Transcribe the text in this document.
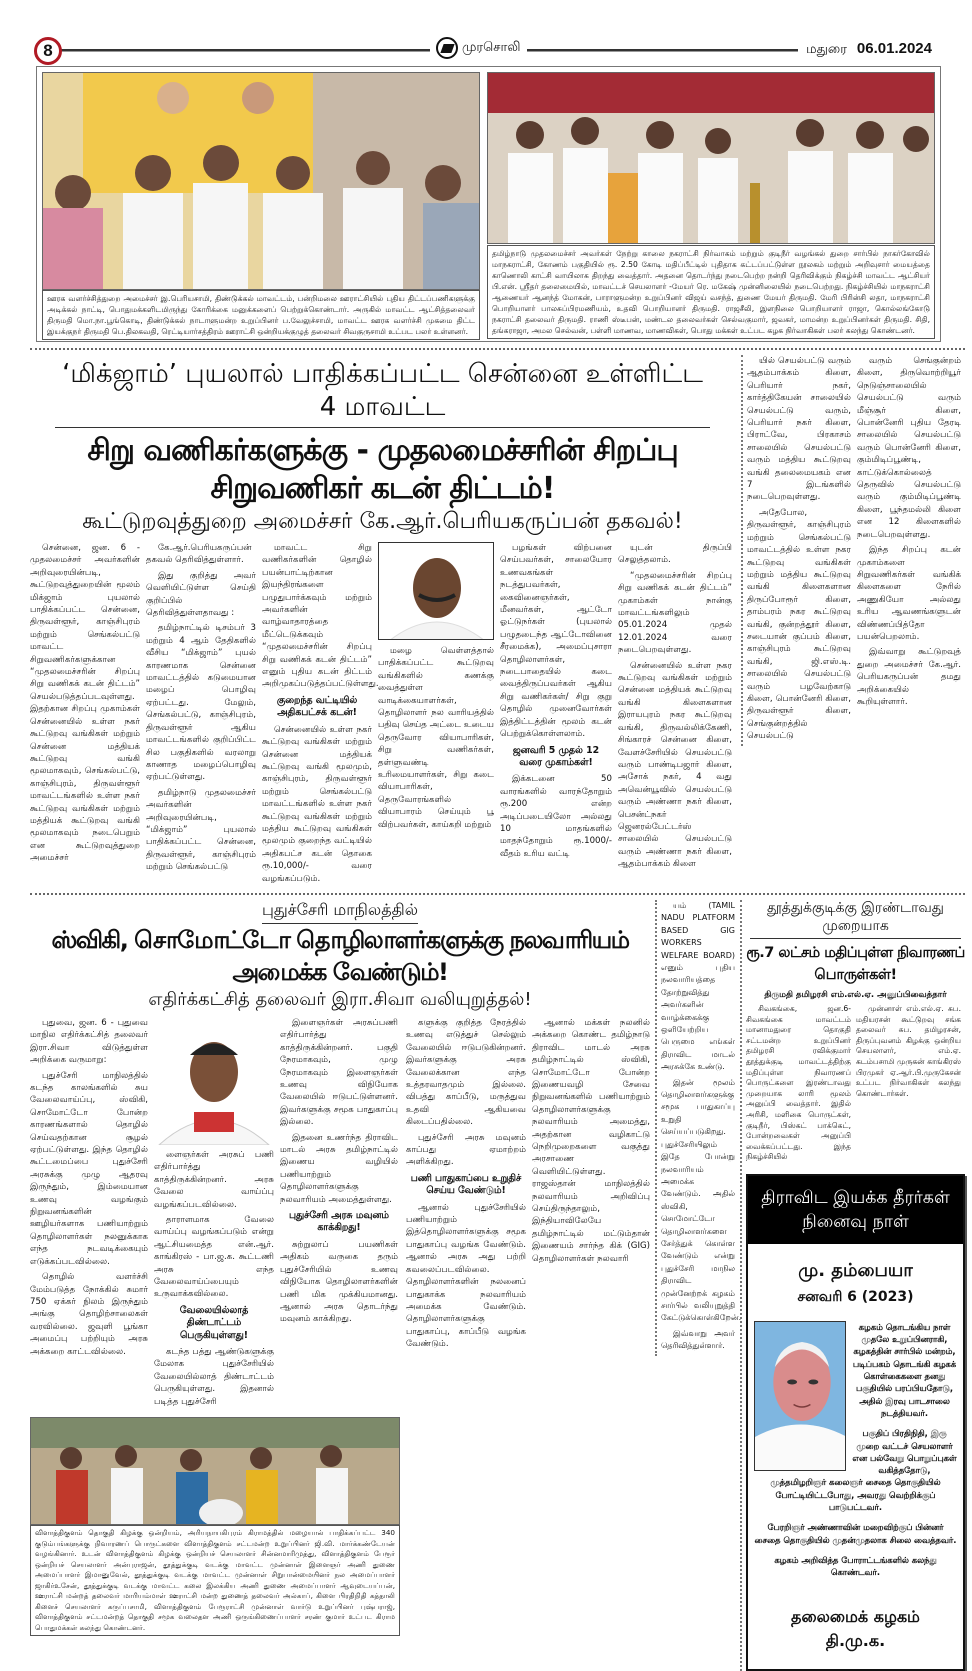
8	முரசொலி	மதுரை 06.01.2024
ஊரக வளர்ச்சித்துறை அமைச்சர் இ.பெரியசாமி, திண்டுக்கல் மாவட்டம், பன்றிமலை ஊராட்சியில் புதிய திட்டப்பணிகளுக்கு அடிக்கல் நாட்டி, பொதுமக்களிடமிருந்து கோரிக்கை மனுக்களைப் பெற்றுக்கொண்டார். அருகில் மாவட்ட ஆட்சித்தலைவர் திருமதி மொ.நா.பூங்கொடி, திண்டுக்கல் நாடாளுமன்ற உறுப்பினர் ப.வேலுச்சாமி, மாவட்ட ஊரக வளர்ச்சி முகமை திட்ட இயக்குநர் திருமதி பெ.திலகவதி, ரெட்டியார்சத்திரம் ஊராட்சி ஒன்றியக்குழுத் தலைவர் சிவகுருசாமி உட்பட பலர் உள்ளனர்.
தமிழ்நாடு முதலமைச்சர் அவர்கள் நேற்று காலை நகராட்சி நிர்வாகம் மற்றும் குடிநீர் வழங்கல் துறை சார்பில் நாகர்கோவில் மாநகராட்சி, கோணம் பகுதியில் ரூ. 2.50 கோடி மதிப்பீட்டில் புதிதாக கட்டப்பட்டுள்ள நூலகம் மற்றும் அறிவுசார் மையத்தை காணொலி காட்சி வாயிலாக திறந்து வைத்தார். அதனை தொடர்ந்து நடைபெற்ற நன்றி தெரிவிக்கும் நிகழ்ச்சி மாவட்ட ஆட்சியர் பி.என். ஸ்ரீதர் தலைமையில், மாவட்டச் செயலாளர் -மேயர் ரெ. மகேஷ் முன்னிலையில் நடைபெற்றது. நிகழ்ச்சியில் மாநகராட்சி ஆணையர் ஆனந்த் மோகன், பாராளுமன்ற உறுப்பினர் விஜய் வசந்த், துணை மேயர் திருமதி. மேரி பிரின்சி லதா, மாநகராட்சி பொறியாளர் பாலசுப்பிரமணியம், உதவி பொறியாளர் திருமதி. ராஜசீலி, இளநிலை பொறியாளர் ராஜா, கொல்லங்கோடு நகராட்சி தலைவர் திருமதி. ராணி ஸ்டீபன், மண்டல தலைவர்கள் செல்வகுமார், ஜவகர், மாமன்ற உறுப்பினர்கள் திருமதி. சிதி, தங்கராஜா, அமல செல்வன், பள்ளி மாணவ, மாணவிகள், பொது மக்கள் உட்பட கழக நிர்வாகிகள் பலர் கலந்து கொண்டனர்.
‘மிக்ஜாம்’ புயலால் பாதிக்கப்பட்ட சென்னை உள்ளிட்ட 4 மாவட்ட
சிறு வணிகர்களுக்கு - முதலமைச்சரின் சிறப்பு சிறுவணிகர் கடன் திட்டம்!
கூட்டுறவுத்துறை அமைச்சர் கே.ஆர்.பெரியகருப்பன் தகவல்!

சென்னை, ஜன. 6 - முதலமைச்சர் அவர்களின் அறிவுரையின்படி, கூட்டுறவுத்துறையின் மூலம் மிக்ஜாம் புயலால் பாதிக்கப்பட்ட சென்னை, திருவள்ளூர், காஞ்சிபுரம் மற்றும் செங்கல்பட்டு மாவட்ட சிறுவணிகர்களுக்கான “முதலமைச்சரின் சிறப்பு சிறு வணிகக் கடன் திட்டம்” செயல்படுத்தப்படவுள்ளது. இதற்கான சிறப்பு முகாம்கள் சென்னையில் உள்ள நகர் கூட்டுறவு வங்கிகள் மற்றும் சென்னை மத்தியக் கூட்டுறவு வங்கி மூலமாகவும், செங்கல்பட்டு, காஞ்சிபுரம், திருவள்ளூர் மாவட்டங்களில் உள்ள நகர் கூட்டுறவு வங்கிகள் மற்றும் மத்தியக் கூட்டுறவு வங்கி மூலமாகவும் நடைபெறும் என கூட்டுறவுத்துறை அமைச்சர்

கே.ஆர்.பெரியகருப்பன் தகவல் தெரிவித்துள்ளார்.

இது குறித்து அவர் வெளியிட்டுள்ள செய்தி குறிப்பில் தெரிவித்துள்ளதாவது :

தமிழ்நாட்டில் டிசம்பர் 3 மற்றும் 4 ஆம் தேதிகளில் வீசிய “மிக்ஜாம்” புயல் காரணமாக சென்னை மாவட்டத்தில் கடுமையான மழைப் பொழிவு ஏற்பட்டது. மேலும், செங்கல்பட்டு, காஞ்சிபுரம், திருவள்ளூர் ஆகிய மாவட்டங்களில் குறிப்பிட்ட சில பகுதிகளில் வரலாறு காணாத மழைப்பொழிவு ஏற்பட்டுள்ளது.

தமிழ்நாடு முதலமைச்சர் அவர்களின் அறிவுரையின்படி, “மிக்ஜாம்” புயலால் பாதிக்கப்பட்ட சென்னை, திருவள்ளூர், காஞ்சிபுரம் மற்றும் செங்கல்பட்டு

மாவட்ட சிறு வணிகர்களின் தொழில் பயன்பாட்டிற்கான இயந்திரங்களை பழுதுபார்க்கவும் மற்றும் அவர்களின் வாழ்வாதாரத்தை மீட்டெடுக்கவும் “முதலமைச்சரின் சிறப்பு சிறு வணிகக் கடன் திட்டம்” எனும் புதிய கடன் திட்டம் அறிமுகப்படுத்தப்பட்டுள்ளது.

குறைந்த வட்டியில் அதிகபட்சக் கடன்!

சென்னையில் உள்ள நகர் கூட்டுறவு வங்கிகள் மற்றும் சென்னை மத்தியக் கூட்டுறவு வங்கி மூலமும், காஞ்சிபுரம், திருவள்ளூர் மற்றும் செங்கல்பட்டு மாவட்டங்களில் உள்ள நகர் கூட்டுறவு வங்கிகள் மற்றும் மத்திய கூட்டுறவு வங்கிகள் மூலமும் குறைந்த வட்டியில் அதிகபட்ச கடன் தொகை ரூ.10,000/- வரை வழங்கப்படும்.

மழை வெள்ளத்தால் பாதிக்கப்பட்ட கூட்டுறவு வங்கிகளில் கணக்கு வைத்துள்ள வாடிக்கையாளர்கள், தொழிலாளர் நல வாரியத்தில் பதிவு செய்த அட்டை உடைய தெருவோர வியாபாரிகள், சிறு வணிகர்கள், தள்ளுவண்டி உரிமையாளர்கள், சிறு கடை வியாபாரிகள், தெருவோரங்களில் வியாபாரம் செய்யும் பூ விற்பவர்கள், காய்கறி மற்றும்

பழங்கள் விற்பனை செய்பவர்கள், சாலையோர உணவகங்கள் நடத்துபவர்கள், கைவினைஞர்கள், மீனவர்கள், ஆட்டோ ஓட்டுநர்கள் (புயலால் பழுதடைந்த ஆட்டோவினை சீரமைக்க), அமைப்புசாரா தொழிலாளர்கள், நடைபாதையில் கடை வைத்திருப்பவர்கள் ஆகிய சிறு வணிகர்கள்/ சிறு குறு தொழில் முனைவோர்கள் இத்திட்டத்தின் மூலம் கடன் பெற்றுக்கொள்ளலாம்.

ஜனவரி 5 முதல் 12 வரை முகாம்கள்!

இக்கடனை 50 வாரங்களில் வாரந்தோறும் ரூ.200 என்ற அடிப்படையிலோ அல்லது 10 மாதங்களில் மாதந்தோறும் ரூ.1000/- வீதம் உரிய வட்டி

யுடன் திருப்பி செலுத்தலாம்.

“முதலமைச்சரின் சிறப்பு சிறு வணிகக் கடன் திட்டம்” முகாம்கள் நான்கு மாவட்டங்களிலும் 05.01.2024 முதல் 12.01.2024 வரை நடைபெறவுள்ளது.

சென்னையில் உள்ள நகர கூட்டுறவு வங்கிகள் மற்றும் சென்னை மத்தியக் கூட்டுறவு வங்கி கிளைகளான இராயபுரம் நகர கூட்டுறவு வங்கி, திருவல்லிக்கேணி, சிங்காரச் சென்னை கிளை, வேளச்சேரியில் செயல்பட்டு வரும் பாண்டிபஜார் கிளை, அசோக் நகர், 4 வது அவென்யூவில் செயல்பட்டு வரும் அண்ணா நகர் கிளை, பெசன்ட்நகர் ஜெனரல்பேட்டர்ஸ் சாலையில் செயல்பட்டு வரும் அண்ணா நகர் கிளை, ஆதம்பாக்கம் கிளை

யில் செயல்பட்டு வரும் ஆதம்பாக்கம் கிளை, பெரியார் நகர், கார்த்திகேயன் சாலையில் செயல்பட்டு வரும், பெரியார் நகர் கிளை, பிராட்வே, பிரகாசம் சாலையில் செயல்பட்டு வரும் மத்திய கூட்டுறவு வங்கி தலைமையகம் என 7 இடங்களில் நடைபெறவுள்ளது.

அதேபோல, திருவள்ளூர், காஞ்சிபுரம் மற்றும் செங்கல்பட்டு மாவட்டத்தில் உள்ள நகர கூட்டுறவு வங்கிகள் மற்றும் மத்திய கூட்டுறவு வங்கி கிளைகளான திருப்போரூர் கிளை, தாம்பரம் நகர கூட்டுறவு வங்கி, குன்றத்தூர் கிளை, சடையான் குப்பம் கிளை, காஞ்சிபுரம் கூட்டுறவு வங்கி, ஜி.எஸ்.டி. சாலையில் செயல்பட்டு வரும் பழவேற்காடு கிளை, பொன்னேரி கிளை, திருவள்ளூர் கிளை, செங்குன்றத்தில் செயல்பட்டு

வரும் செங்குன்றம் கிளை, திருவொற்றியூர் நெடுஞ்சாலையில் செயல்பட்டு வரும் மீஞ்சூர் கிளை, பொன்னேரி புதிய தேரடி சாலையில் செயல்பட்டு வரும் பொன்னேரி கிளை, கும்மிடிப்பூண்டி, காட்டுக்கொல்லைத் தெருவில் செயல்பட்டு வரும் கும்மிடிப்பூண்டி கிளை, பூந்தமல்லி கிளை என 12 கிளைகளில் நடைபெறவுள்ளது.

இந்த சிறப்பு கடன் முகாம்களை சிறுவணிகர்கள் வங்கிக் கிளைகளை நேரில் அணுகியோ அல்லது உரிய ஆவணங்களுடன் விண்ணப்பித்தோ பயன்பெறலாம்.

இவ்வாறு கூட்டுறவுத் துறை அமைச்சர் கே.ஆர். பெரியகருப்பன் தமது அறிக்கையில் கூறியுள்ளார்.

புதுச்சேரி மாநிலத்தில்
ஸ்விகி, சொமோட்டோ தொழிலாளர்களுக்கு நலவாரியம் அமைக்க வேண்டும்!
எதிர்க்கட்சித் தலைவர் இரா.சிவா வலியுறுத்தல்!

புதுவை, ஜன. 6 - புதுவை மாநில எதிர்க்கட்சித் தலைவர் இரா.சிவா விடுத்துள்ள அறிக்கை வருமாறு:

புதுச்சேரி மாநிலத்தில் கடந்த காலங்களில் சுய வேலைவாய்ப்பு, ஸ்விகி, சொமோட்டோ போன்ற காரணங்களால் தொழில் செய்வதற்கான சூழல் ஏற்பட்டுள்ளது. இந்த தொழில் கூட்டமைப்பை புதுச்சேரி அரசுக்கு முழு ஆதரவு இருந்தும், இம்மையான உணவு வழங்கும் நிறுவனங்களின் ஊழியர்களாக பணியாற்றும் தொழிலாளர்கள் நலனுக்காக எந்த நடவடிக்கையும் எடுக்கப்படவில்லை.

தொழில் வளர்ச்சி மேம்படுத்த நோக்கில் சுமார் 750 ஏக்கர் நிலம் இருந்தும் அங்கு தொழிற்சாலைகள் வரவில்லை. ஜவுளி பூங்கா அமைப்பு பற்றியும் அரசு அக்கறை காட்டவில்லை.

ளைஞர்கள் அரசுப் பணி எதிர்பார்த்து காத்திருக்கின்றனர். அரசு வேலை வாய்ப்பு வழங்கப்படவில்லை.

தாராளமாக வேலை வாய்ப்பு வழங்கப்படும் என்று ஆட்சியமைத்த என்.ஆர். காங்கிரஸ் - பா.ஜ.க. கூட்டணி அரசு எந்த வேலைவாய்ப்பையும் உருவாக்கவில்லை.

வேலையில்லாத் திண்டாட்டம் பெருகியுள்ளது!

கடந்த பத்து ஆண்டுகளுக்கு மேலாக புதுச்சேரியில் வேலையில்லாத் திண்டாட்டம் பெருகியுள்ளது. இதனால் படித்த புதுச்சேரி

இளைஞர்கள் அரசுப்பணி எதிர்பார்த்து காத்திருக்கின்றனர். பகுதி நேரமாகவும், முழு நேரமாகவும் இளைஞர்கள் உணவு விநியோக வேலையில் ஈடுபட்டுள்ளனர். இவர்களுக்கு சமூக பாதுகாப்பு இல்லை.

இதனை உணர்ந்த திராவிட மாடல் அரசு தமிழ்நாட்டில் இணைய வழியில் பணியாற்றும் தொழிலாளர்களுக்கு நலவாரியம் அமைத்துள்ளது.

புதுச்சேரி அரசு மவுனம் காக்கிறது!

சுற்றுலாப் பயணிகள் அதிகம் வருகை தரும் புதுச்சேரியில் உணவு விநியோக தொழிலாளர்களின் பணி மிக முக்கியமானது. ஆனால் அரசு தொடர்ந்து மவுனம் காக்கிறது.

விளாத்திகுளம் தொகுதி கிழக்கு ஒன்றியம், அரியநாயகிபுரம் கிராமத்தில் மழையால் பாதிக்கப்பட்ட 340 குடும்பங்களுக்கு நிவாரணப் பொருட்களை விளாத்திகுளம் சட்டமன்ற உறுப்பினர் ஜி.வி. மார்க்கண்டேயன் வழங்கினார். உடன் விளாத்திகுளம் கிழக்கு ஒன்றியச் செயலாளர் சின்னமாரிமுத்து, விளாத்திகுளம் பேரூர் ஒன்றியச் செயலாளர் அன்புராஜன், தூத்துக்குடி வடக்கு மாவட்ட முன்னாள் இளைஞர் அணி துணை அமைப்பாளர் இமானுவேல், தூத்துக்குடி வடக்கு மாவட்ட முன்னாள் சிறுபான்மையினர் நல அமைப்பாளர் ஜாகிர்உசேன், தூத்துக்குடி வடக்கு மாவட்ட கலை இலக்கிய அணி துணை அமைப்பாளர் ஆவுடையப்பன், ஊராட்சி மன்றத் தலைவர் மாரியம்மாள் ஊராட்சி மன்ற துணைத் தலைவர் அல்காப், கிளை பிரதிநிதி கத்தாலி கிளைச் செயலாளர் கருப்பசாமி, விளாத்திகுளம் பேரூராட்சி முன்னாள் வார்டு உறுப்பினர் புஷ்பராஜ், விளாத்திகுளம் சட்டமன்றத் தொகுதி சமூக வலைதள அணி ஒருங்கிணைப்பாளர் சரண் குமார் உட்பட கிராம பொதுமக்கள் கலந்து கொண்டனர்.

களுக்கு குறித்த நேரத்தில் உணவு எடுத்துச் செல்லும் வேலையில் ஈடுபடுகின்றனர். இவர்களுக்கு அரசு வேலைக்கான எந்த உத்தரவாதமும் இல்லை. விபத்து காப்பீடு, மருத்துவ உதவி ஆகியவை கிடைப்பதில்லை.

புதுச்சேரி அரசு மவுனம் காப்பது ஏமாற்றம் அளிக்கிறது.

பணி பாதுகாப்பை உறுதிச் செய்ய வேண்டும்!

ஆனால் புதுச்சேரியில் பணியாற்றும் இத்தொழிலாளர்களுக்கு சமூக பாதுகாப்பு வழங்க வேண்டும். ஆனால் அரசு அது பற்றி கவலைப்படவில்லை. தொழிலாளர்களின் நலனைப் பாதுகாக்க நலவாரியம் அமைக்க வேண்டும். தொழிலாளர்களுக்கு பாதுகாப்பு, காப்பீடு வழங்க வேண்டும்.

ஆனால் மக்கள் நலனில் அக்கறை கொண்ட தமிழ்நாடு திராவிட மாடல் அரசு தமிழ்நாட்டில் ஸ்விகி, சொமோட்டோ போன்ற இணையவழி சேவை நிறுவனங்களில் பணியாற்றும் தொழிலாளர்களுக்கு நலவாரியம் அமைத்து, அதற்கான வழிகாட்டு நெறிமுறைகளை வகுத்து அரசாணை வெளியிட்டுள்ளது. ராஜஸ்தான் மாநிலத்தில் நலவாரியம் அறிவிப்பு செய்திருந்தாலும், இந்தியாவிலேயே தமிழ்நாட்டில் மட்டும்தான் இணையம் சார்ந்த கிக் (GIG) தொழிலாளர்கள் நலவாரி

யம் (TAMIL NADU PLATFORM BASED GIG WORKERS WELFARE BOARD) எனும் புதிய நலவாரியத்தை தோற்றுவித்து அவர்களின் வாழ்க்கைக்கு ஒளியேற்றிய பெருமை எங்கள் திராவிட மாடல் அரசுக்கே உண்டு.

இதன் மூலம் தொழிலாளர்களுக்கு சமூக பாதுகாப்பு உறுதி செய்யப்படுகிறது. புதுச்சேரியிலும் இதே போன்று நலவாரியம் அமைக்க வேண்டும். அதில் ஸ்விகி, சொமோட்டோ தொழிலாளர்களை சேர்த்துக் கொள்ள வேண்டும் என்று புதுச்சேரி மாநில திராவிட முன்னேற்றக் கழகம் சார்பில் வலியுறுத்தி கேட்டுக்கொள்கிறேன்.

இவ்வாறு அவர் தெரிவித்துள்ளார்.

தூத்துக்குடிக்கு இரண்டாவது முறையாக
ரூ.7 லட்சம் மதிப்புள்ள நிவாரணப் பொருள்கள்!
திருமதி தமிழரசி எம்.எல்.ஏ. அனுப்பிவைத்தார்

சிவகங்கை, ஜன.6- சிவகங்கை மாவட்டம் மானாமதுரை தொகுதி சட்டமன்ற உறுப்பினர் தமிழரசி ரவிக்குமார் தூத்துக்குடி மாவட்டத்திற்கு மதிப்புள்ள நிவாரணப் பொருட்களை இரண்டாவது முறையாக லாரி மூலம் அனுப்பி வைத்தார். இதில் அரிசி, மளிகை பொருட்கள், குடிநீர், பிஸ்கட் பாக்கெட், போன்றவைகள் அனுப்பி வைக்கப்பட்டது. இந்த நிகழ்ச்சியில்

முன்னாள் எம்.எல்.ஏ. சுப. மதியரசன் கூட்டுறவு சங்க தலைவர் சுப. தமிழரசன், திருப்புவனம் கிழக்கு ஒன்றிய செயலாளர், எம்.ஏ. கடம்பசாமி முருகன் காங்கிரஸ் பிரமுகர் ஏ.ஆர்.பி.முருகேசன் உட்பட நிர்வாகிகள் கலந்து கொண்டார்கள்.

திராவிட இயக்க தீரர்கள் நினைவு நாள்
மு. தம்பையா
சனவரி 6 (2023)

கழகம் தொடங்கிய நாள் முதலே உறுப்பினராகி, கழகத்தின் சார்பில் மன்றம், படிப்பகம் தொடங்கி கழகக் கொள்கைகளை தனது பகுதியில் பரப்பியதோடு, அதில் இரவு பாடசாலை நடத்தியவர்.

பகுதிப் பிரதிநிதி, இரு முறை வட்டச் செயலாளர் என பல்வேறு பொறுப்புகள் வகித்ததோடு, முத்தமிழறிஞர் கலைஞர் சைதை தொகுதியில் போட்டியிட்டபோது, அவரது வெற்றிக்குப் பாடுபட்டவர்.

பேரறிஞர் அண்ணாவின் மறைவிற்குப் பின்னர் சைதை தொகுதியில் முதன்முதலாக சிலை வைத்தவர்.

கழகம் அறிவித்த போராட்டங்களில் கலந்து கொண்டவர்.

தலைமைக் கழகம்
தி.மு.க.
